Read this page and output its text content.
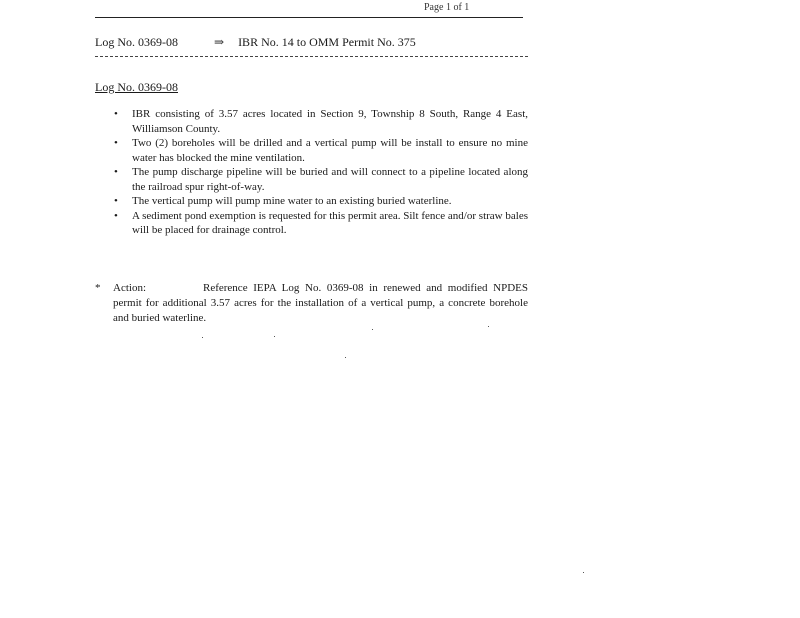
Page 1 of 1
Log No. 0369-08	⇒ IBR No. 14 to OMM Permit No. 375
Log No. 0369-08
• IBR consisting of 3.57 acres located in Section 9, Township 8 South, Range 4 East, Williamson County.
• Two (2) boreholes will be drilled and a vertical pump will be install to ensure no mine water has blocked the mine ventilation.
• The pump discharge pipeline will be buried and will connect to a pipeline located along the railroad spur right-of-way.
• The vertical pump will pump mine water to an existing buried waterline.
• A sediment pond exemption is requested for this permit area. Silt fence and/or straw bales will be placed for drainage control.
* Action:	Reference IEPA Log No. 0369-08 in renewed and modified NPDES permit for additional 3.57 acres for the installation of a vertical pump, a concrete borehole and buried waterline.
